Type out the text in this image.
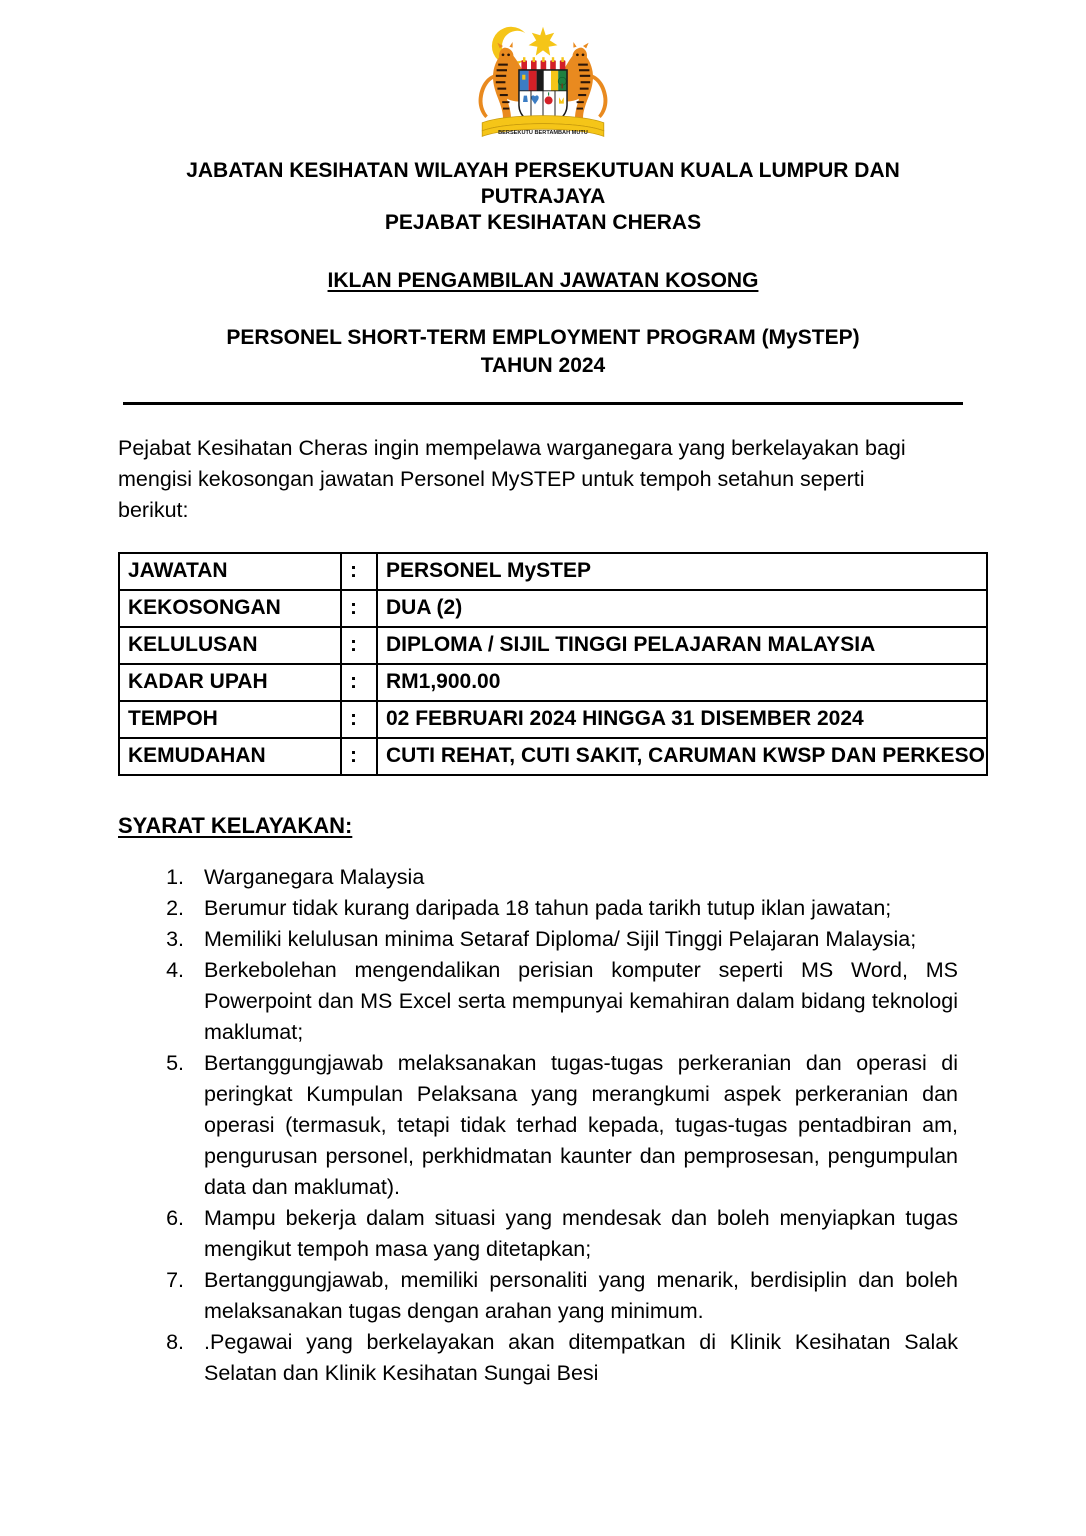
BERSEKUTU BERTAMBAH MUTU
JABATAN KESIHATAN WILAYAH PERSEKUTUAN KUALA LUMPUR DAN
PUTRAJAYA
PEJABAT KESIHATAN CHERAS
IKLAN PENGAMBILAN JAWATAN KOSONG
PERSONEL SHORT-TERM EMPLOYMENT PROGRAM (MySTEP)
TAHUN 2024

Pejabat Kesihatan Cheras ingin mempelawa warganegara yang berkelayakan bagi mengisi kekosongan jawatan Personel MySTEP untuk tempoh setahun seperti berikut:

JAWATAN	:	PERSONEL MySTEP
KEKOSONGAN	:	DUA (2)
KELULUSAN	:	DIPLOMA / SIJIL TINGGI PELAJARAN MALAYSIA
KADAR UPAH	:	RM1,900.00
TEMPOH	:	02 FEBRUARI 2024 HINGGA 31 DISEMBER 2024
KEMUDAHAN	:	CUTI REHAT, CUTI SAKIT, CARUMAN KWSP DAN PERKESO
SYARAT KELAYAKAN:
1. Warganegara Malaysia
2. Berumur tidak kurang daripada 18 tahun pada tarikh tutup iklan jawatan;
3. Memiliki kelulusan minima Setaraf Diploma/ Sijil Tinggi Pelajaran Malaysia;
4. Berkebolehan mengendalikan perisian komputer seperti MS Word, MS Powerpoint dan MS Excel serta mempunyai kemahiran dalam bidang teknologi maklumat;
5. Bertanggungjawab melaksanakan tugas-tugas perkeranian dan operasi di peringkat Kumpulan Pelaksana yang merangkumi aspek perkeranian dan operasi (termasuk, tetapi tidak terhad kepada, tugas-tugas pentadbiran am, pengurusan personel, perkhidmatan kaunter dan pemprosesan, pengumpulan data dan maklumat).
6. Mampu bekerja dalam situasi yang mendesak dan boleh menyiapkan tugas mengikut tempoh masa yang ditetapkan;
7. Bertanggungjawab, memiliki personaliti yang menarik, berdisiplin dan boleh melaksanakan tugas dengan arahan yang minimum.
8. .Pegawai yang berkelayakan akan ditempatkan di Klinik Kesihatan Salak Selatan dan Klinik Kesihatan Sungai Besi
